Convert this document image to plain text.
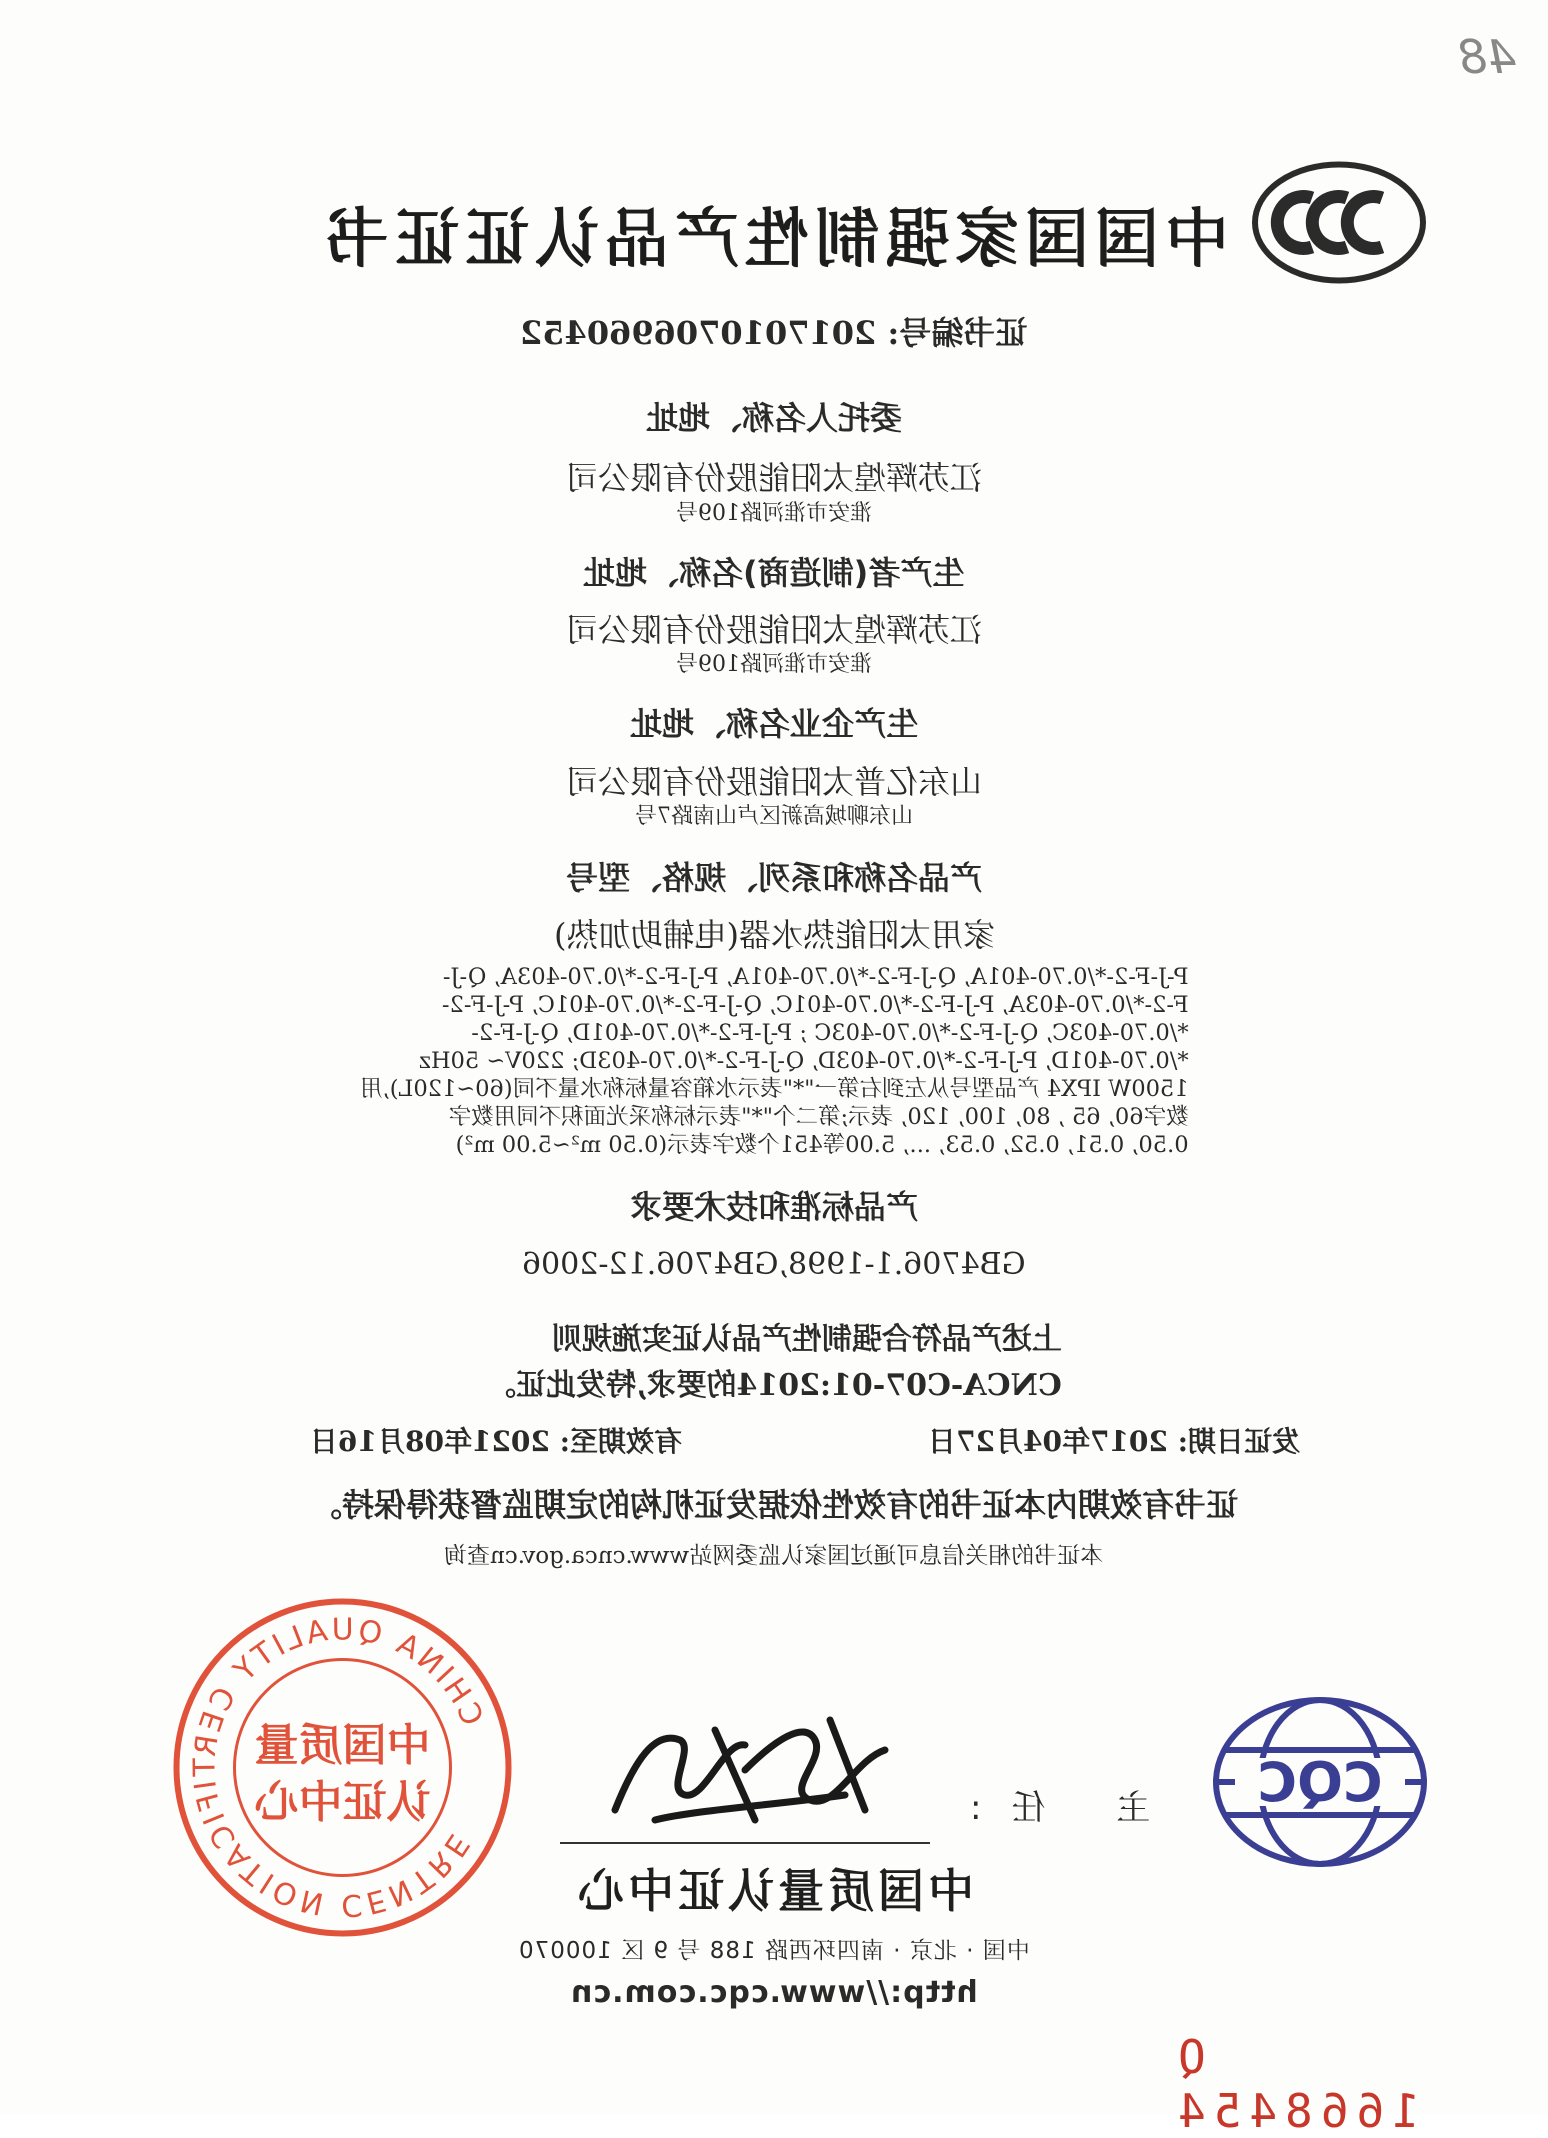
48
中国国家强制性产品认证证书
证书编号: 2017010706960452
委托人名称、地址
江苏辉煌太阳能股份有限公司
淮安市淮河路109号
生产者(制造商)名称、地址
江苏辉煌太阳能股份有限公司
淮安市淮河路109号
生产企业名称、地址
山东亿普太阳能股份有限公司
山东聊城高新区卢山南路7号
产品名称和系列、规格、型号
家用太阳能热水器(电辅助加热)
P-J-F-2-*/0.70-401A, Q-J-F-2-*/0.70-401A, P-J-F-2-*/0.70-403A, Q-J-
F-2-*/0.70-403A, P-J-F-2-*/0.70-401C, Q-J-F-2-*/0.70-401C, P-J-F-2-
*/0.70-403C, Q-J-F-2-*/0.70-403C ; P-J-F-2-*/0.70-401D, Q-J-F-2-
*/0.70-401D, P-J-F-2-*/0.70-403D, Q-J-F-2-*/0.70-403D; 220V~ 50Hz
1500W IPX4 产品型号从左到右第一"*"表示水箱容量标称水量不同(60~120L),用
数字60, 65 , 80, 100, 120, 表示;第二个"*"表示标称采光面积不同用数字
0.50, 0.51, 0.52, 0.53, ..., 5.00等451个数字表示(0.50 m²~5.00 m²)
产品标准和技术要求
GB4706.1-1998,GB4706.12-2006
上述产品符合强制性产品认证实施规则
CNCA-C07-01:2014的要求,特发此证。
有效期至: 2021年08月16日	发证日期: 2017年04月27日
证书有效期内本证书的有效性依据发证机构的定期监督获得保持。
本证书的相关信息可通过国家认监委网站www.cnca.gov.cn查询
CHINA QUALITY CERTIFICATION CENTRE
中国质量
认证中心	主 任: CQC
中国质量认证中心
中国 · 北京 · 南四环西路 188 号 9 区 100070
http://www.cqc.com.cn
Q 1668454
